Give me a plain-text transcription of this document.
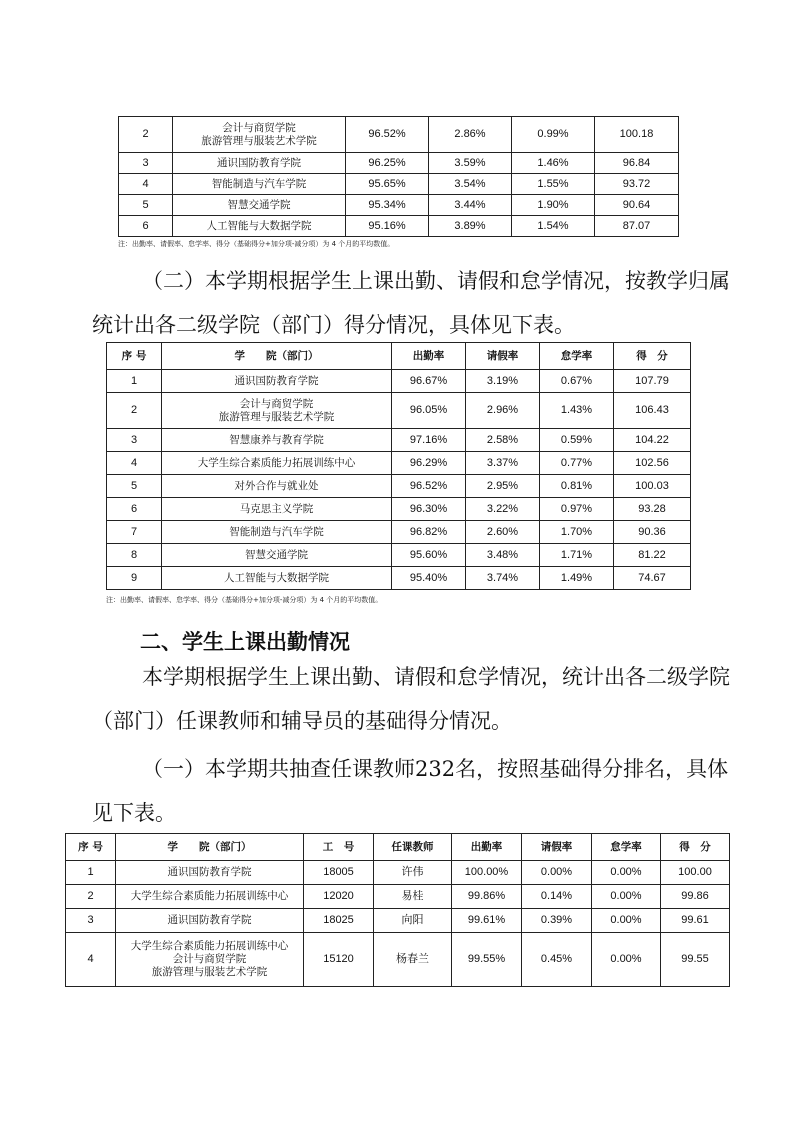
2	会计与商贸学院
旅游管理与服装艺术学院	96.52%	2.86%	0.99%	100.18
3	通识国防教育学院	96.25%	3.59%	1.46%	96.84
4	智能制造与汽车学院	95.65%	3.54%	1.55%	93.72
5	智慧交通学院	95.34%	3.44%	1.90%	90.64
6	人工智能与大数据学院	95.16%	3.89%	1.54%	87.07
注：出勤率、请假率、怠学率、得分（基础得分+加分项-减分项）为 4 个月的平均数值。

（二）本学期根据学生上课出勤、请假和怠学情况，按教学归属统计出各二级学院（部门）得分情况，具体见下表。

序 号	学　　院（部门）	出勤率	请假率	怠学率	得　分
1	通识国防教育学院	96.67%	3.19%	0.67%	107.79
2	会计与商贸学院
旅游管理与服装艺术学院	96.05%	2.96%	1.43%	106.43
3	智慧康养与教育学院	97.16%	2.58%	0.59%	104.22
4	大学生综合素质能力拓展训练中心	96.29%	3.37%	0.77%	102.56
5	对外合作与就业处	96.52%	2.95%	0.81%	100.03
6	马克思主义学院	96.30%	3.22%	0.97%	93.28
7	智能制造与汽车学院	96.82%	2.60%	1.70%	90.36
8	智慧交通学院	95.60%	3.48%	1.71%	81.22
9	人工智能与大数据学院	95.40%	3.74%	1.49%	74.67
注：出勤率、请假率、怠学率、得分（基础得分+加分项-减分项）为 4 个月的平均数值。
二、学生上课出勤情况

本学期根据学生上课出勤、请假和怠学情况，统计出各二级学院（部门）任课教师和辅导员的基础得分情况。

（一）本学期共抽查任课教师232名，按照基础得分排名，具体见下表。

序 号	学　　院（部门）	工　号	任课教师	出勤率	请假率	怠学率	得　分
1	通识国防教育学院	18005	许伟	100.00%	0.00%	0.00%	100.00
2	大学生综合素质能力拓展训练中心	12020	易桂	99.86%	0.14%	0.00%	99.86
3	通识国防教育学院	18025	向阳	99.61%	0.39%	0.00%	99.61
4	大学生综合素质能力拓展训练中心
会计与商贸学院
旅游管理与服装艺术学院	15120	杨春兰	99.55%	0.45%	0.00%	99.55
